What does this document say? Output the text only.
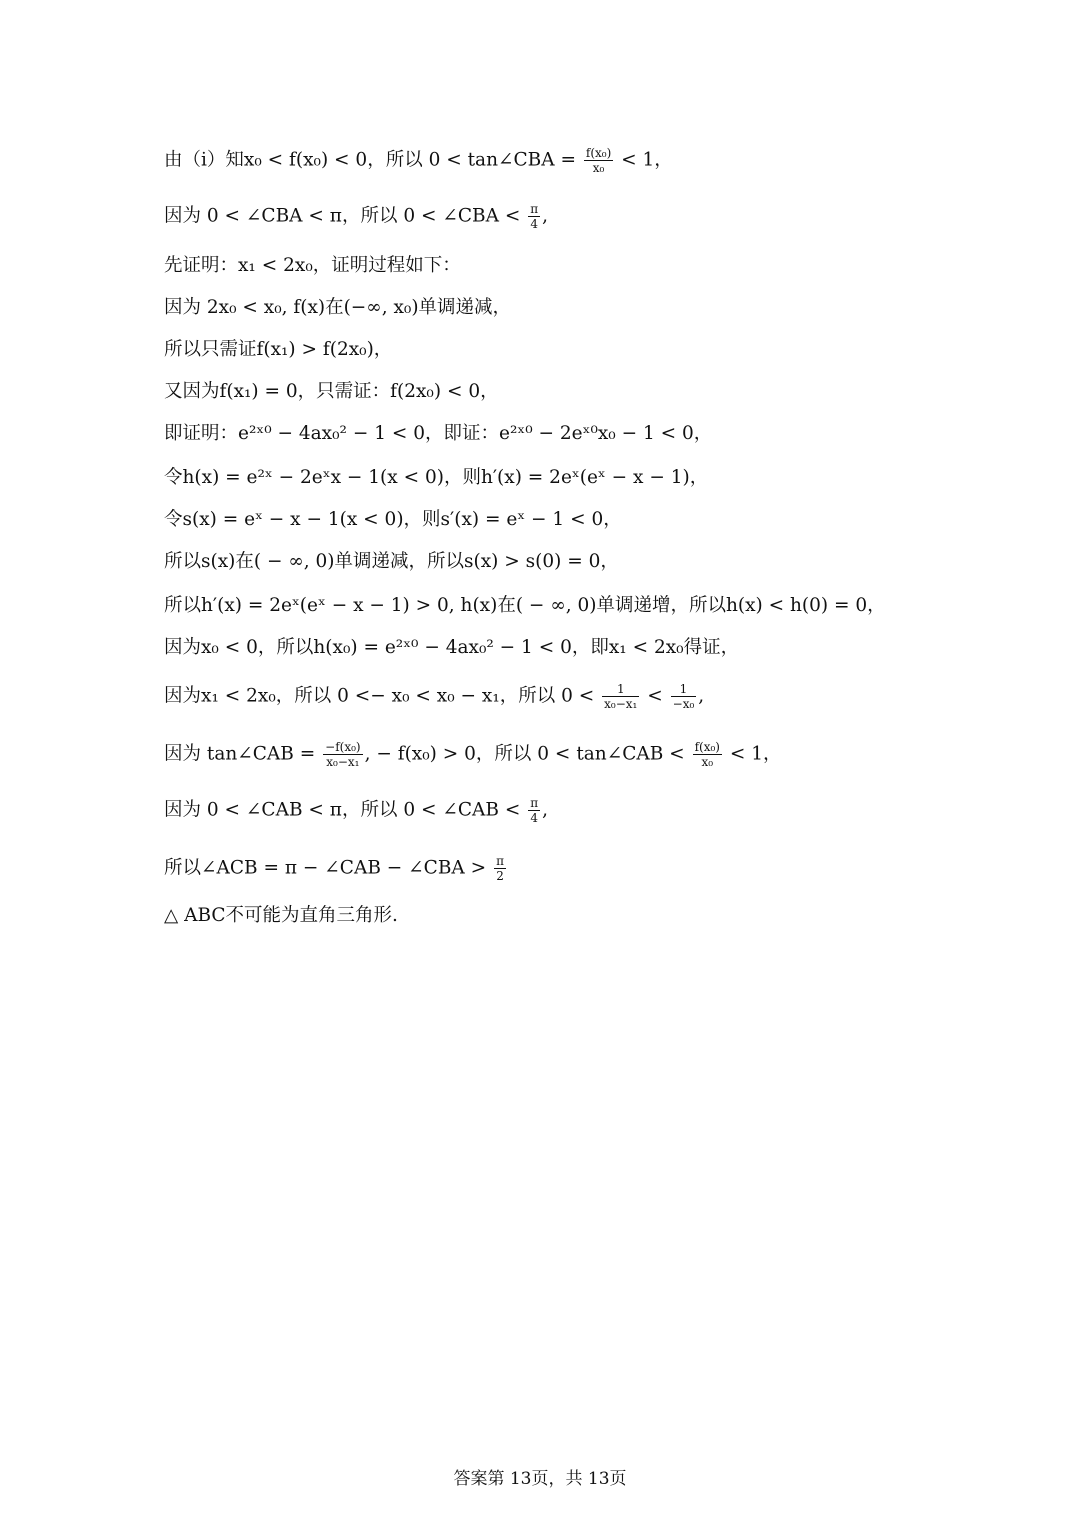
由（i）知x₀ < f(x₀) < 0，所以 0 < tan∠CBA = $\frac{\text{f(x₀)}}{\text{x₀}} < 1$，
因为 0 < ∠CBA < π，所以 0 < ∠CBA < $\frac{\pi}{4}$ ,
先证明：x₁ < 2x₀，证明过程如下：
因为 2x₀ < x₀, f(x)在(−∞, x₀)单调递减，
所以只需证f(x₁) > f(2x₀)，
又因为f(x₁) = 0，只需证：f(2x₀) < 0，
即证明：e²ˣ⁰ − 4ax₀² − 1 < 0，即证：e²ˣ⁰ − 2eˣ⁰x₀ − 1 < 0，
令h(x) = e²ˣ − 2eˣx − 1(x < 0)，则h′(x) = 2eˣ(eˣ − x − 1)，
令s(x) = eˣ − x − 1(x < 0)，则s′(x) = eˣ − 1 < 0，
所以s(x)在( − ∞, 0)单调递减，所以s(x) > s(0) = 0，
所以h′(x) = 2eˣ(eˣ − x − 1) > 0, h(x)在( − ∞, 0)单调递增，所以h(x) < h(0) = 0，
因为x₀ < 0，所以h(x₀) = e²ˣ⁰ − 4ax₀² − 1 < 0，即x₁ < 2x₀得证，
因为x₁ < 2x₀，所以 0 <− x₀ < x₀ − x₁，所以 $0 < \frac{1}{\text{x₀−x₁}} < \frac{1}{\text{−x₀}}$ ,
因为 tan∠CAB = $\frac{\text{−f(x₀)}}{\text{x₀−x₁}}$ , − f(x₀) > 0，所以 0 < tan∠CAB < $\frac{\text{f(x₀)}}{\text{x₀}} < 1$，
因为 0 < ∠CAB < π，所以 0 < ∠CAB < $\frac{\pi}{4}$ ,
所以∠ACB = π − ∠CAB − ∠CBA > $\frac{\pi}{2}$
△ ABC不可能为直角三角形.
答案第 13页，共 13页
